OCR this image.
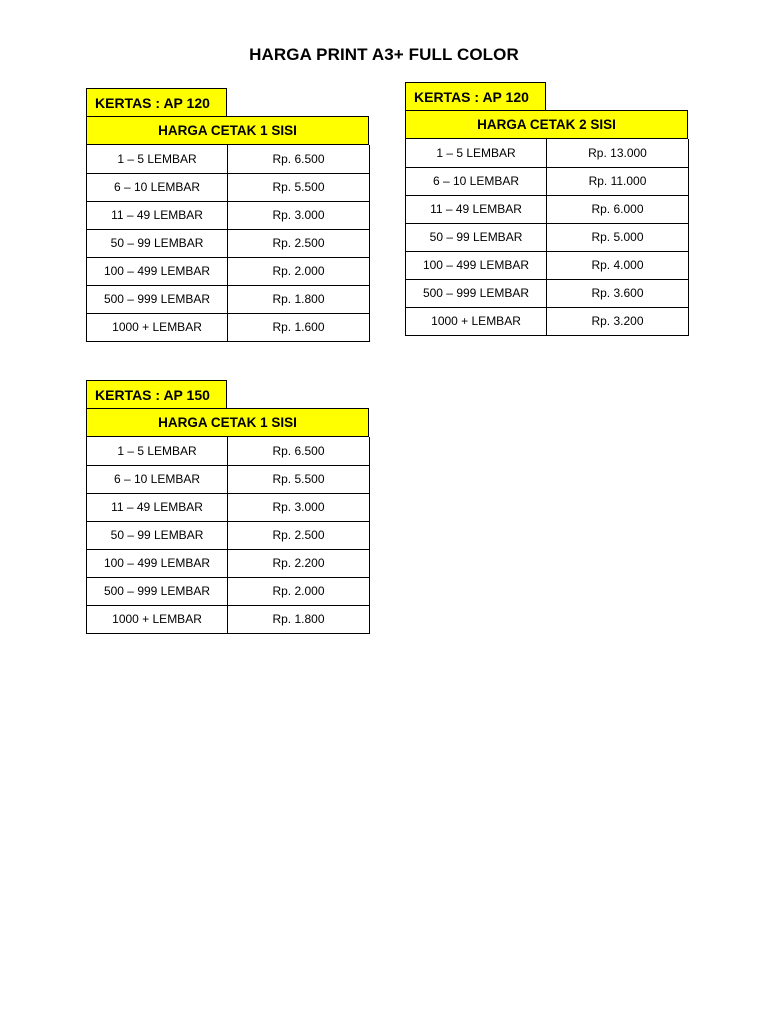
HARGA PRINT A3+ FULL COLOR
KERTAS : AP 120
HARGA CETAK 1 SISI
1 – 5 LEMBAR	Rp. 6.500
6 – 10 LEMBAR	Rp. 5.500
11 – 49 LEMBAR	Rp. 3.000
50 – 99 LEMBAR	Rp. 2.500
100 – 499 LEMBAR	Rp. 2.000
500 – 999 LEMBAR	Rp. 1.800
1000 + LEMBAR	Rp. 1.600
KERTAS : AP 120
HARGA CETAK 2 SISI
1 – 5 LEMBAR	Rp. 13.000
6 – 10 LEMBAR	Rp. 11.000
11 – 49 LEMBAR	Rp. 6.000
50 – 99 LEMBAR	Rp. 5.000
100 – 499 LEMBAR	Rp. 4.000
500 – 999 LEMBAR	Rp. 3.600
1000 + LEMBAR	Rp. 3.200
KERTAS : AP 150
HARGA CETAK 1 SISI
1 – 5 LEMBAR	Rp. 6.500
6 – 10 LEMBAR	Rp. 5.500
11 – 49 LEMBAR	Rp. 3.000
50 – 99 LEMBAR	Rp. 2.500
100 – 499 LEMBAR	Rp. 2.200
500 – 999 LEMBAR	Rp. 2.000
1000 + LEMBAR	Rp. 1.800
